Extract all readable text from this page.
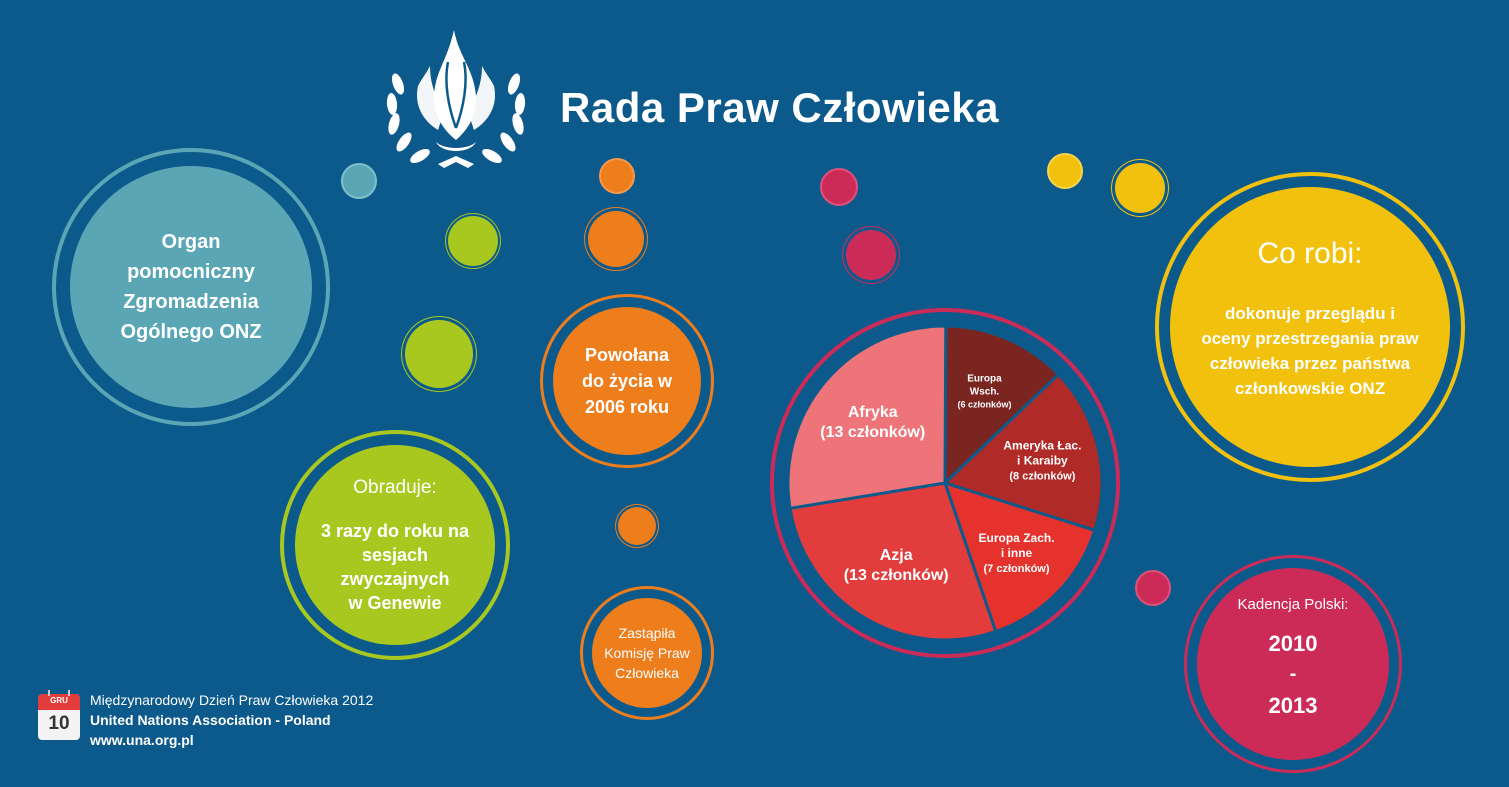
Rada Praw Człowieka
Organ
pomocniczny
Zgromadzenia
Ogólnego ONZ
Obraduje:
3 razy do roku na
sesjach
zwyczajnych
w Genewie
Powołana
do życia w
2006 roku
Zastąpiła
Komisję Praw
Człowieka
Europa Wsch. (6 członków)
Ameryka Łac. i Karaiby (8 członków)
Europa Zach. i inne (7 członków)
Azja (13 członków)
Afryka (13 członków)
Co robi:
dokonuje przeglądu i
oceny przestrzegania praw
człowieka przez państwa
członkowskie ONZ
Kadencja Polski:
2010
-
2013
GRU
10
Międzynarodowy Dzień Praw Człowieka 2012
United Nations Association - Poland
www.una.org.pl
